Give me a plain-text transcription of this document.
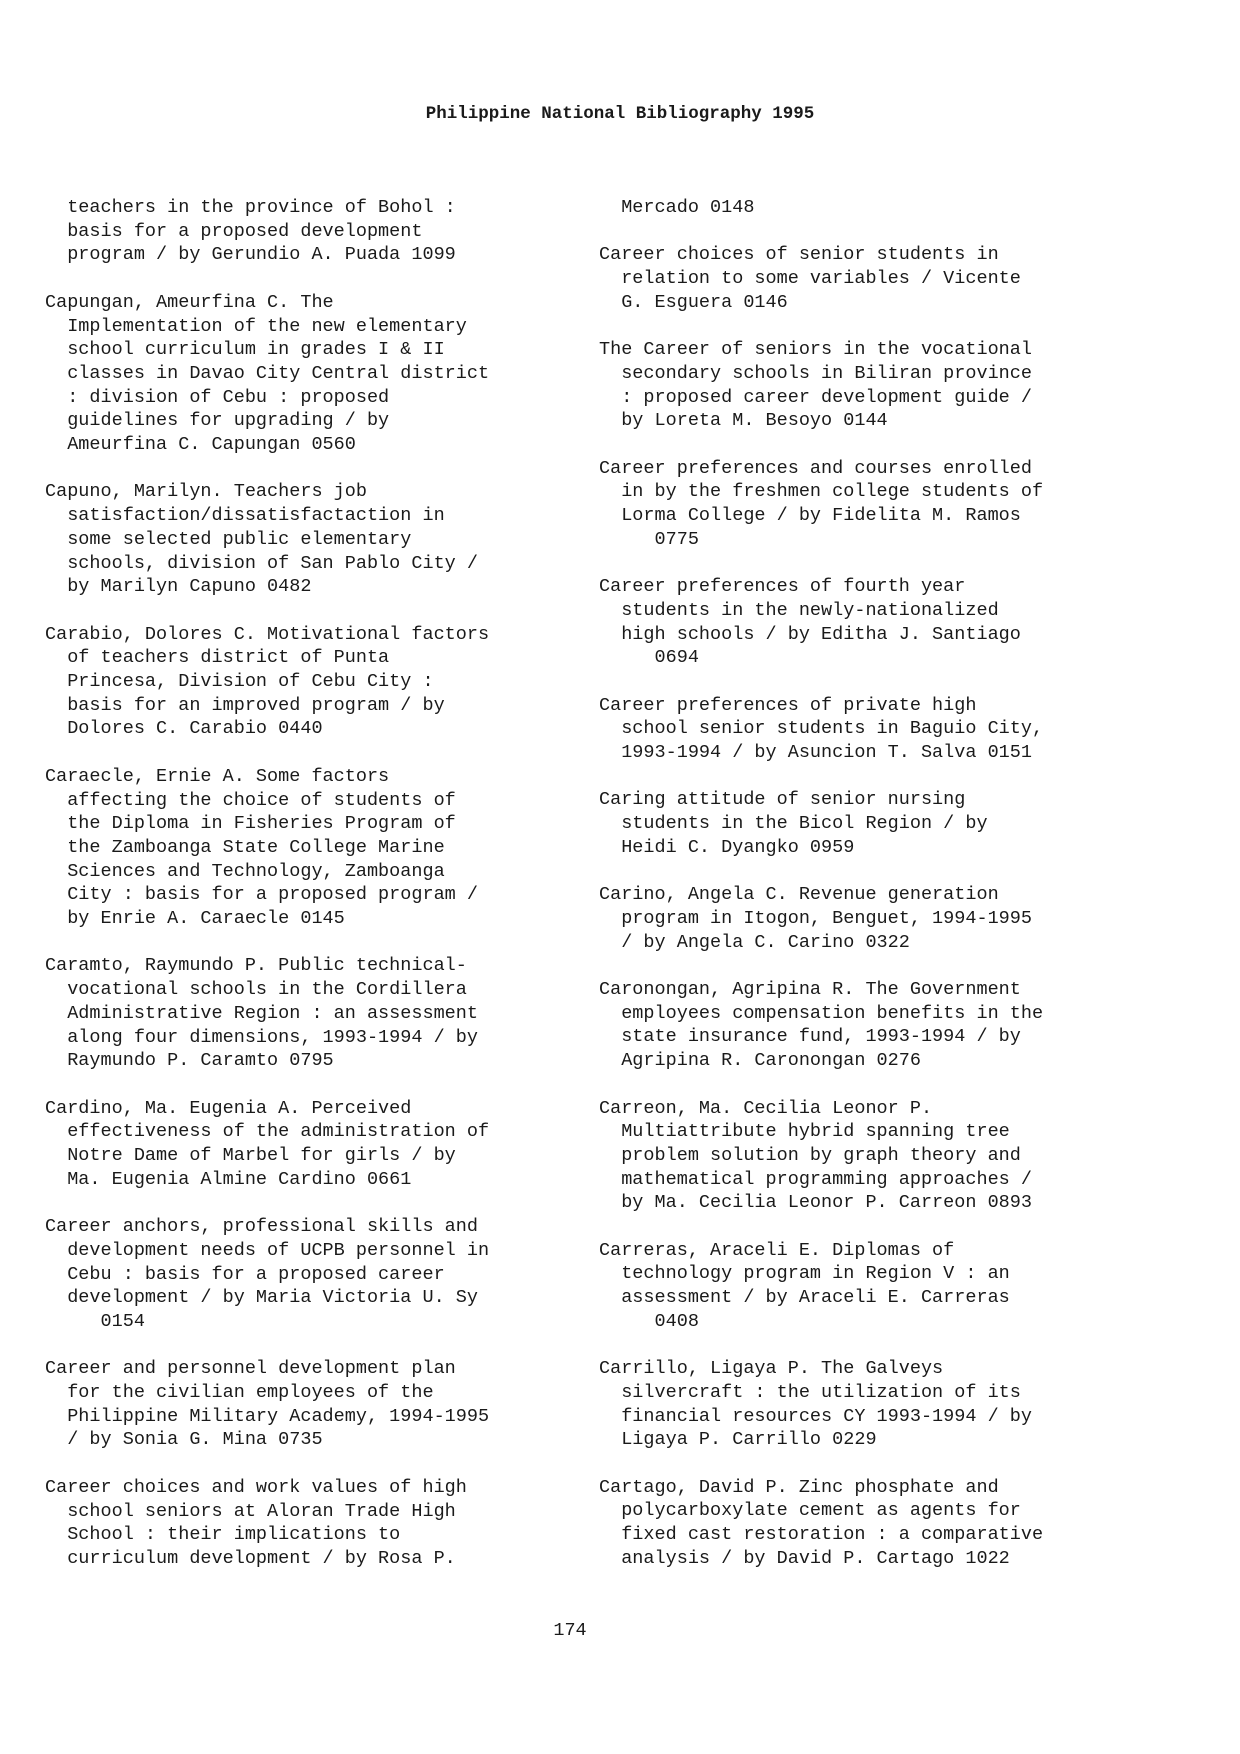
Philippine National Bibliography 1995
teachers in the province of Bohol :
basis for a proposed development
program / by Gerundio A. Puada 1099
Capungan, Ameurfina C. The
Implementation of the new elementary
school curriculum in grades I & II
classes in Davao City Central district
: division of Cebu : proposed
guidelines for upgrading / by
Ameurfina C. Capungan 0560
Capuno, Marilyn. Teachers job
satisfaction/dissatisfactaction in
some selected public elementary
schools, division of San Pablo City /
by Marilyn Capuno 0482
Carabio, Dolores C. Motivational factors
of teachers district of Punta
Princesa, Division of Cebu City :
basis for an improved program / by
Dolores C. Carabio 0440
Caraecle, Ernie A. Some factors
affecting the choice of students of
the Diploma in Fisheries Program of
the Zamboanga State College Marine
Sciences and Technology, Zamboanga
City : basis for a proposed program /
by Enrie A. Caraecle 0145
Caramto, Raymundo P. Public technical-
vocational schools in the Cordillera
Administrative Region : an assessment
along four dimensions, 1993-1994 / by
Raymundo P. Caramto 0795
Cardino, Ma. Eugenia A. Perceived
effectiveness of the administration of
Notre Dame of Marbel for girls / by
Ma. Eugenia Almine Cardino 0661
Career anchors, professional skills and
development needs of UCPB personnel in
Cebu : basis for a proposed career
development / by Maria Victoria U. Sy
0154
Career and personnel development plan
for the civilian employees of the
Philippine Military Academy, 1994-1995
/ by Sonia G. Mina 0735
Career choices and work values of high
school seniors at Aloran Trade High
School : their implications to
curriculum development / by Rosa P.
Mercado 0148
Career choices of senior students in
relation to some variables / Vicente
G. Esguera 0146
The Career of seniors in the vocational
secondary schools in Biliran province
: proposed career development guide /
by Loreta M. Besoyo 0144
Career preferences and courses enrolled
in by the freshmen college students of
Lorma College / by Fidelita M. Ramos
0775
Career preferences of fourth year
students in the newly-nationalized
high schools / by Editha J. Santiago
0694
Career preferences of private high
school senior students in Baguio City,
1993-1994 / by Asuncion T. Salva 0151
Caring attitude of senior nursing
students in the Bicol Region / by
Heidi C. Dyangko 0959
Carino, Angela C. Revenue generation
program in Itogon, Benguet, 1994-1995
/ by Angela C. Carino 0322
Caronongan, Agripina R. The Government
employees compensation benefits in the
state insurance fund, 1993-1994 / by
Agripina R. Caronongan 0276
Carreon, Ma. Cecilia Leonor P.
Multiattribute hybrid spanning tree
problem solution by graph theory and
mathematical programming approaches /
by Ma. Cecilia Leonor P. Carreon 0893
Carreras, Araceli E. Diplomas of
technology program in Region V : an
assessment / by Araceli E. Carreras
0408
Carrillo, Ligaya P. The Galveys
silvercraft : the utilization of its
financial resources CY 1993-1994 / by
Ligaya P. Carrillo 0229
Cartago, David P. Zinc phosphate and
polycarboxylate cement as agents for
fixed cast restoration : a comparative
analysis / by David P. Cartago 1022
174
